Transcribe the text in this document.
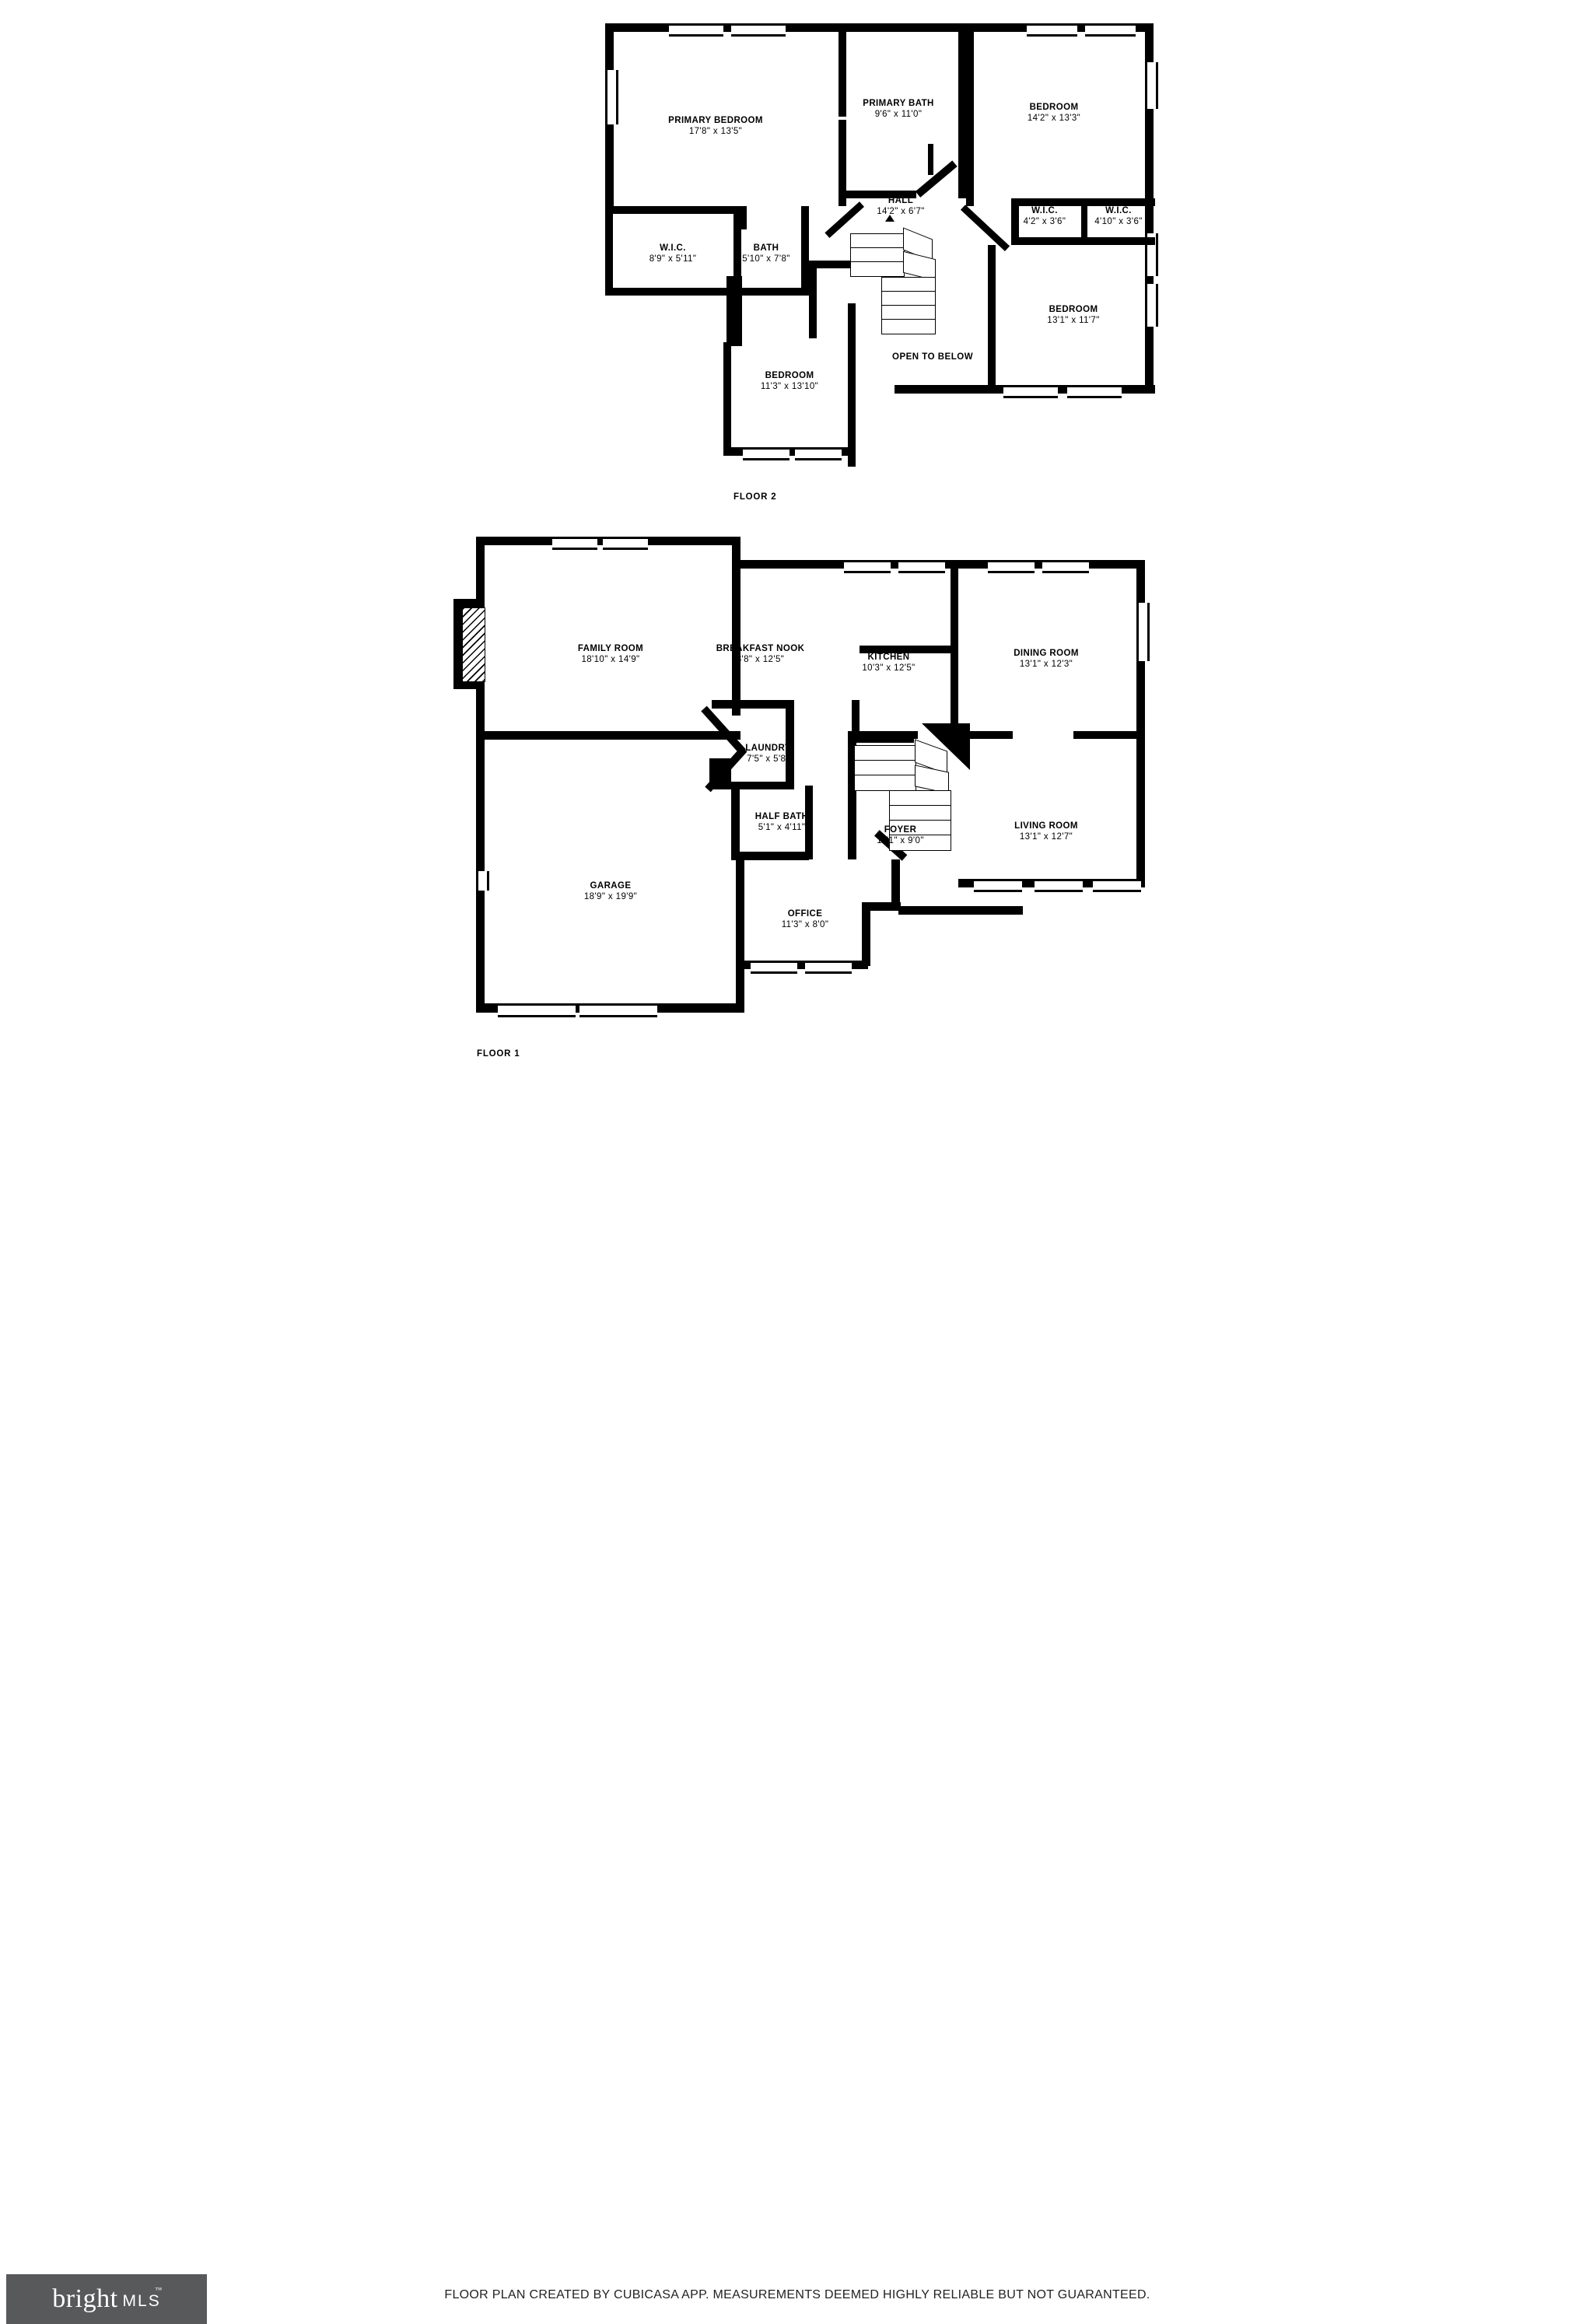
PRIMARY BEDROOM
17'8" x 13'5"
PRIMARY BATH
9'6" x 11'0"
BEDROOM
14'2" x 13'3"
HALL
14'2" x 6'7"	W.I.C.
4'2" x 3'6"
W.I.C.
4'10" x 3'6"
W.I.C.
8'9" x 5'11"
BATH
5'10" x 7'8"
BEDROOM
13'1" x 11'7"
BEDROOM
11'3" x 13'10"
OPEN TO BELOW
FLOOR 2
FAMILY ROOM
18'10" x 14'9"
BREAKFAST NOOK
8'8" x 12'5"	KITCHEN
10'3" x 12'5"
DINING ROOM
13'1" x 12'3"
LAUNDRY
7'5" x 5'8"
HALF BATH
5'1" x 4'11"	FOYER
11'1" x 9'0"
LIVING ROOM
13'1" x 12'7"
GARAGE
18'9" x 19'9"
OFFICE
11'3" x 8'0"
FLOOR 1
bright MLS
™	FLOOR PLAN CREATED BY CUBICASA APP. MEASUREMENTS DEEMED HIGHLY RELIABLE BUT NOT GUARANTEED.
